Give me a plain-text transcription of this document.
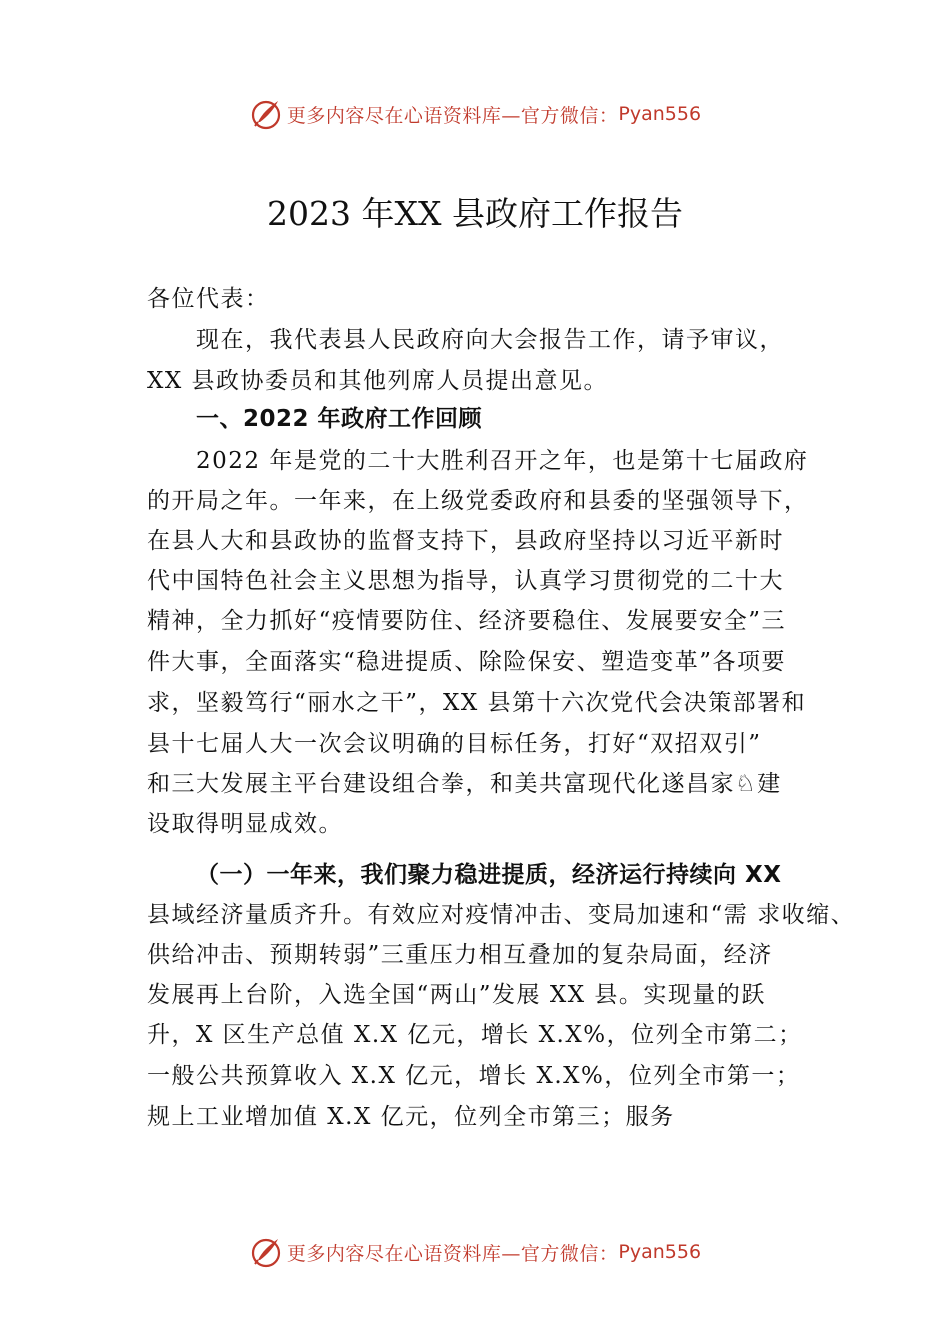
更多内容尽在心语资料库—官方微信： Pyan556
2023 年XX 县政府工作报告
各位代表：
现在，我代表县人民政府向大会报告工作，请予审议，
XX 县政协委员和其他列席人员提出意见。
一、2022 年政府工作回顾
2022 年是党的二十大胜利召开之年，也是第十七届政府
的开局之年。一年来，在上级党委政府和县委的坚强领导下，
在县人大和县政协的监督支持下，县政府坚持以习近平新时
代中国特色社会主义思想为指导，认真学习贯彻党的二十大
精神，全力抓好“疫情要防住、经济要稳住、发展要安全”三
件大事，全面落实“稳进提质、除险保安、塑造变革”各项要
求，坚毅笃行“丽水之干”，XX 县第十六次党代会决策部署和
县十七届人大一次会议明确的目标任务，打好“双招双引”
和三大发展主平台建设组合拳，和美共富现代化遂昌家♘建
设取得明显成效。
（一）一年来，我们聚力稳进提质，经济运行持续向 XX
县域经济量质齐升。有效应对疫情冲击、变局加速和“需 求收缩、
供给冲击、预期转弱”三重压力相互叠加的复杂局面，经济
发展再上台阶，入选全国“两山”发展 XX 县。实现量的跃
升，X 区生产总值 X.X 亿元，增长 X.X%，位列全市第二；
一般公共预算收入 X.X 亿元，增长 X.X%，位列全市第一；
规上工业增加值 X.X 亿元，位列全市第三；服务
更多内容尽在心语资料库—官方微信： Pyan556
